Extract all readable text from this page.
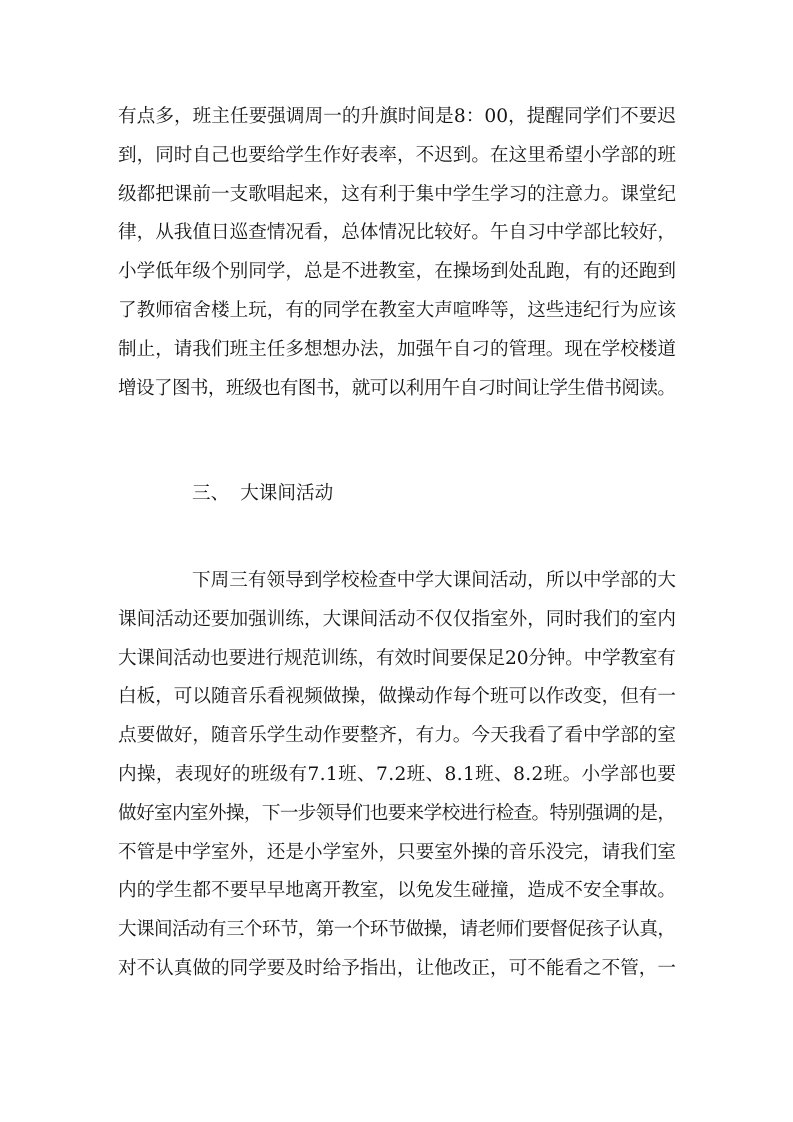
有点多，班主任要强调周一的升旗时间是8：00，提醒同学们不要迟
到，同时自己也要给学生作好表率，不迟到。在这里希望小学部的班
级都把课前一支歌唱起来，这有利于集中学生学习的注意力。课堂纪
律，从我值日巡查情况看，总体情况比较好。午自习中学部比较好，
小学低年级个别同学，总是不进教室，在操场到处乱跑，有的还跑到
了教师宿舍楼上玩，有的同学在教室大声喧哗等，这些违纪行为应该
制止，请我们班主任多想想办法，加强午自刁的管理。现在学校楼道
增设了图书，班级也有图书，就可以利用午自刁时间让学生借书阅读。
三、 大课间活动
下周三有领导到学校检查中学大课间活动，所以中学部的大
课间活动还要加强训练，大课间活动不仅仅指室外，同时我们的室内
大课间活动也要进行规范训练，有效时间要保足20分钟。中学教室有
白板，可以随音乐看视频做操，做操动作每个班可以作改变，但有一
点要做好，随音乐学生动作要整齐，有力。今天我看了看中学部的室
内操，表现好的班级有7.1班、7.2班、8.1班、8.2班。小学部也要
做好室内室外操，下一步领导们也要来学校进行检查。特别强调的是，
不管是中学室外，还是小学室外，只要室外操的音乐没完，请我们室
内的学生都不要早早地离开教室，以免发生碰撞，造成不安全事故。
大课间活动有三个环节，第一个环节做操，请老师们要督促孩子认真，
对不认真做的同学要及时给予指出，让他改正，可不能看之不管，一
